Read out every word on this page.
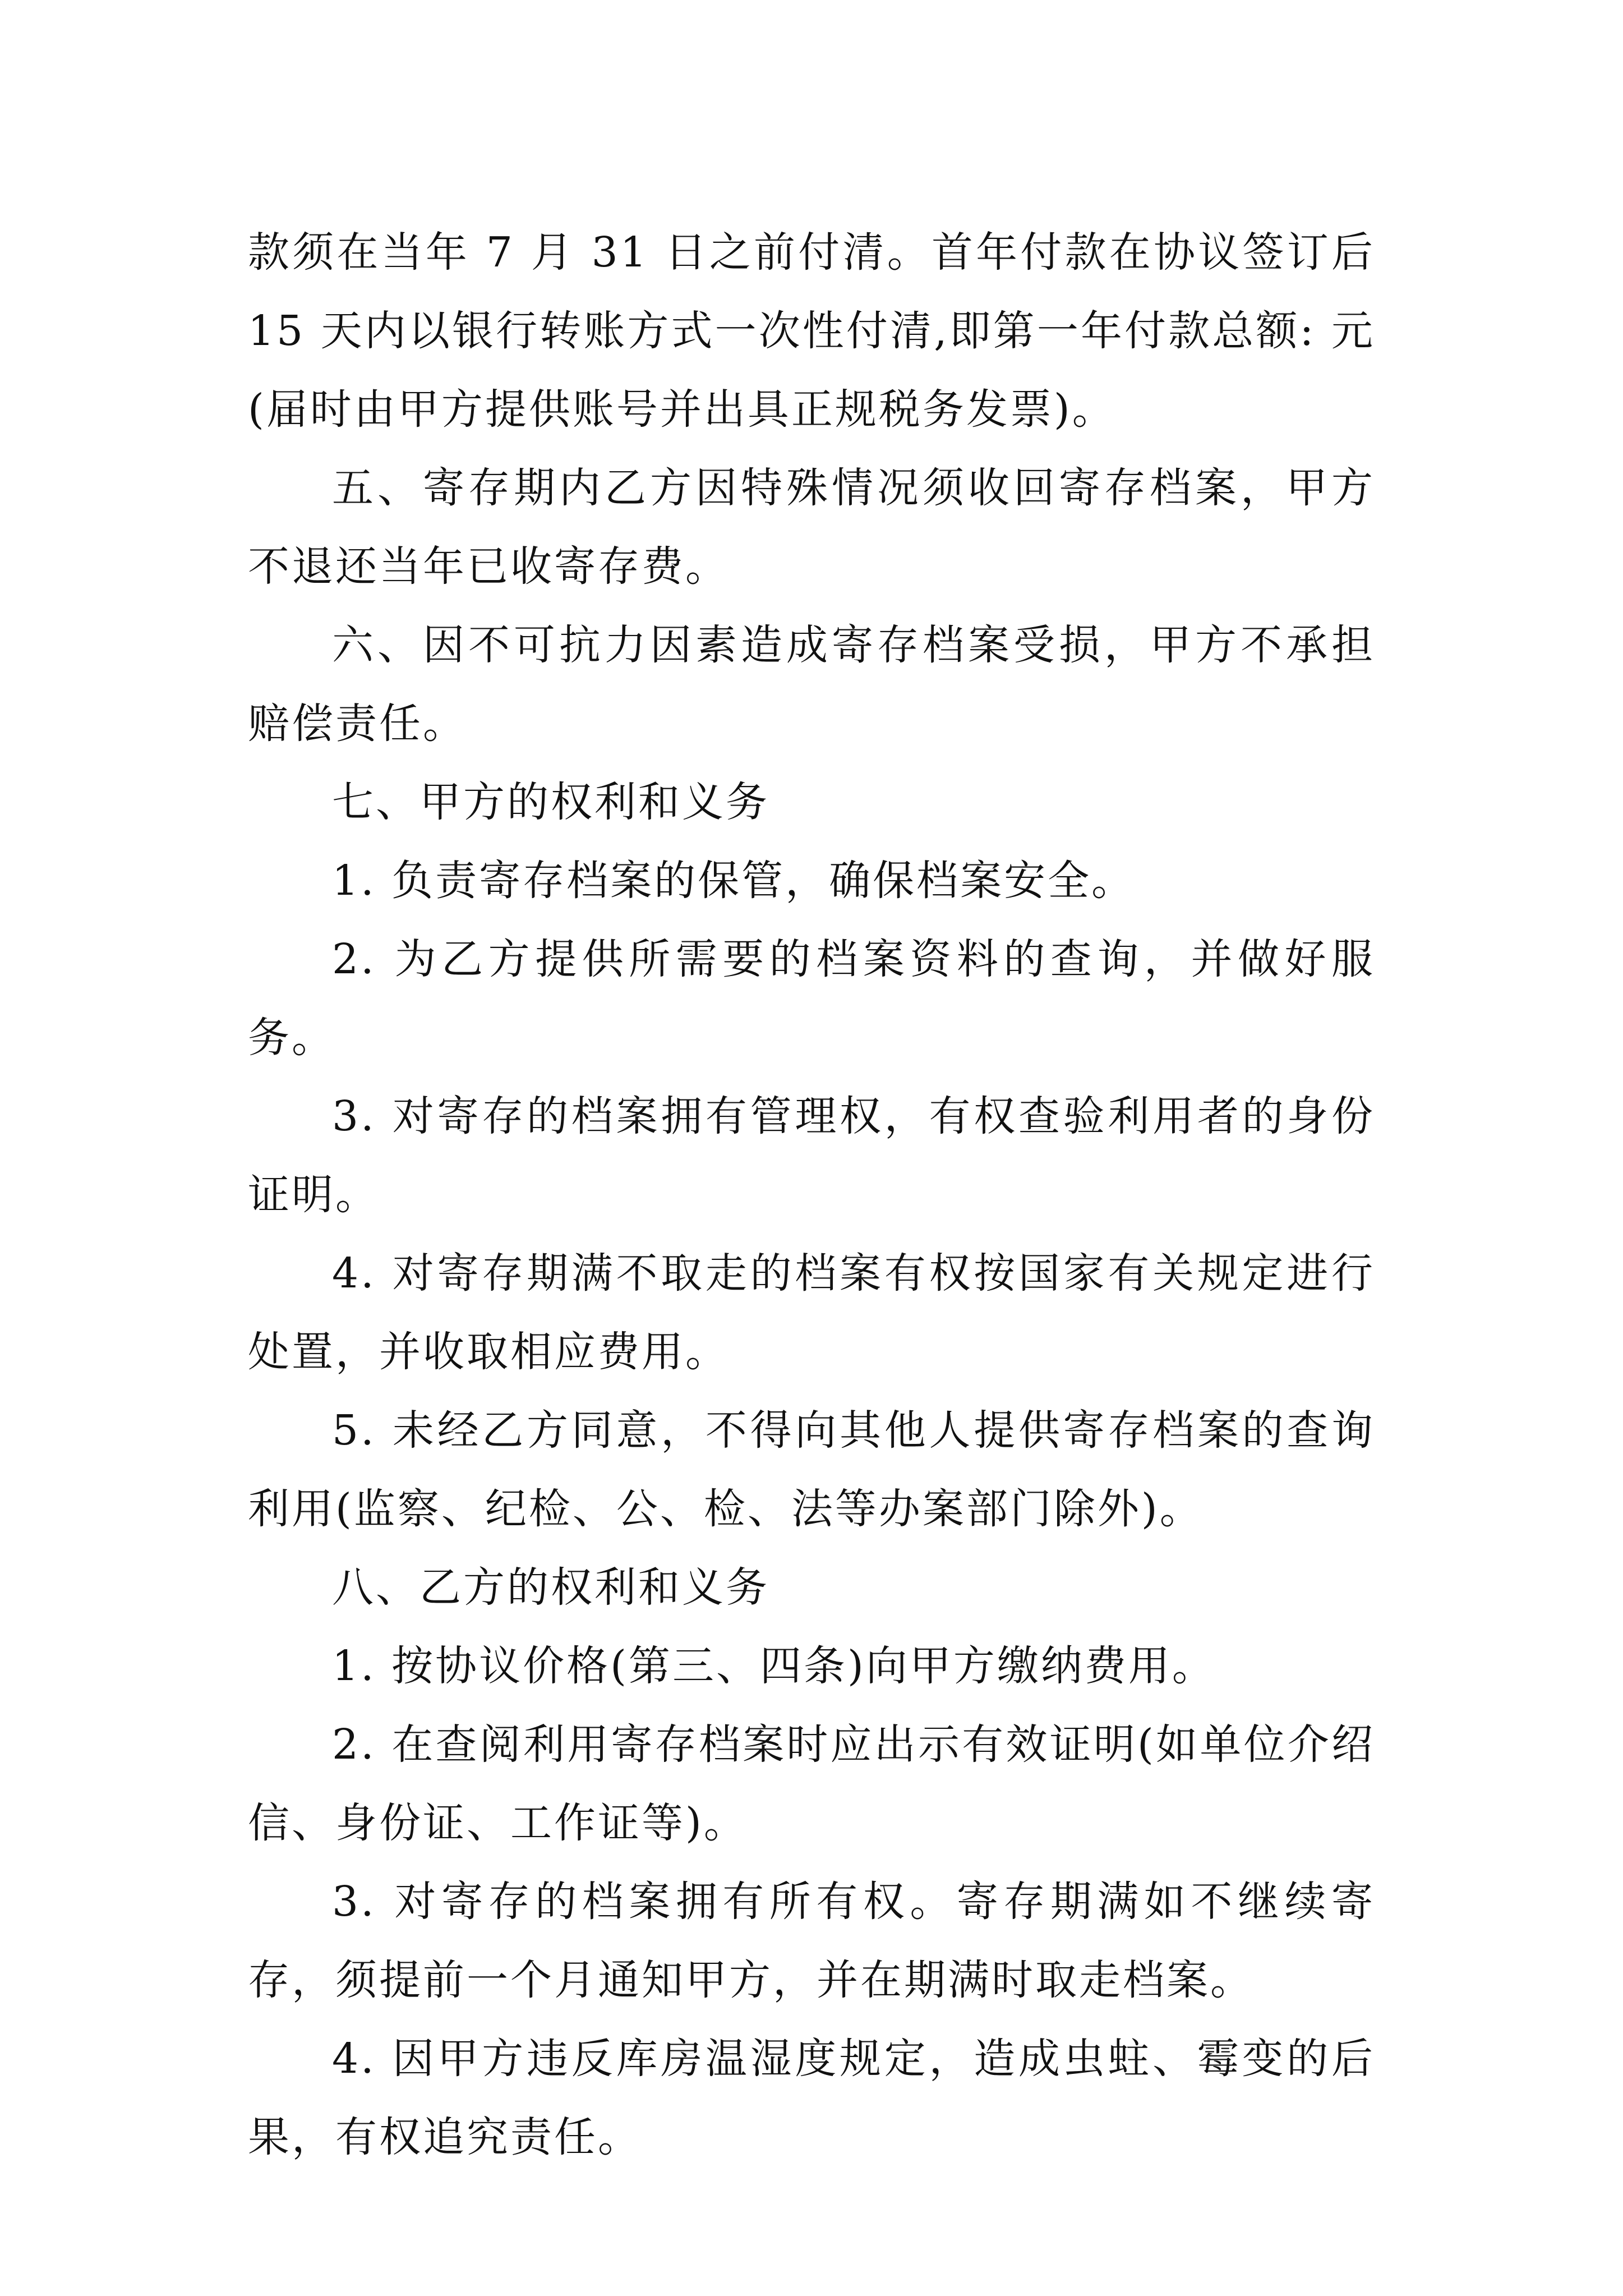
款须在当年 7 月 31 日之前付清。首年付款在协议签订后 15 天内以银行转账方式一次性付清,即第一年付款总额: 元(届时由甲方提供账号并出具正规税务发票)。

五、寄存期内乙方因特殊情况须收回寄存档案，甲方不退还当年已收寄存费。

六、因不可抗力因素造成寄存档案受损，甲方不承担赔偿责任。

七、甲方的权利和义务

1. 负责寄存档案的保管，确保档案安全。

2. 为乙方提供所需要的档案资料的查询，并做好服务。

3. 对寄存的档案拥有管理权，有权查验利用者的身份证明。

4. 对寄存期满不取走的档案有权按国家有关规定进行处置，并收取相应费用。

5. 未经乙方同意，不得向其他人提供寄存档案的查询利用(监察、纪检、公、检、法等办案部门除外)。

八、乙方的权利和义务

1. 按协议价格(第三、四条)向甲方缴纳费用。

2. 在查阅利用寄存档案时应出示有效证明(如单位介绍信、身份证、工作证等)。

3. 对寄存的档案拥有所有权。寄存期满如不继续寄存，须提前一个月通知甲方，并在期满时取走档案。

4. 因甲方违反库房温湿度规定，造成虫蛀、霉变的后果，有权追究责任。
